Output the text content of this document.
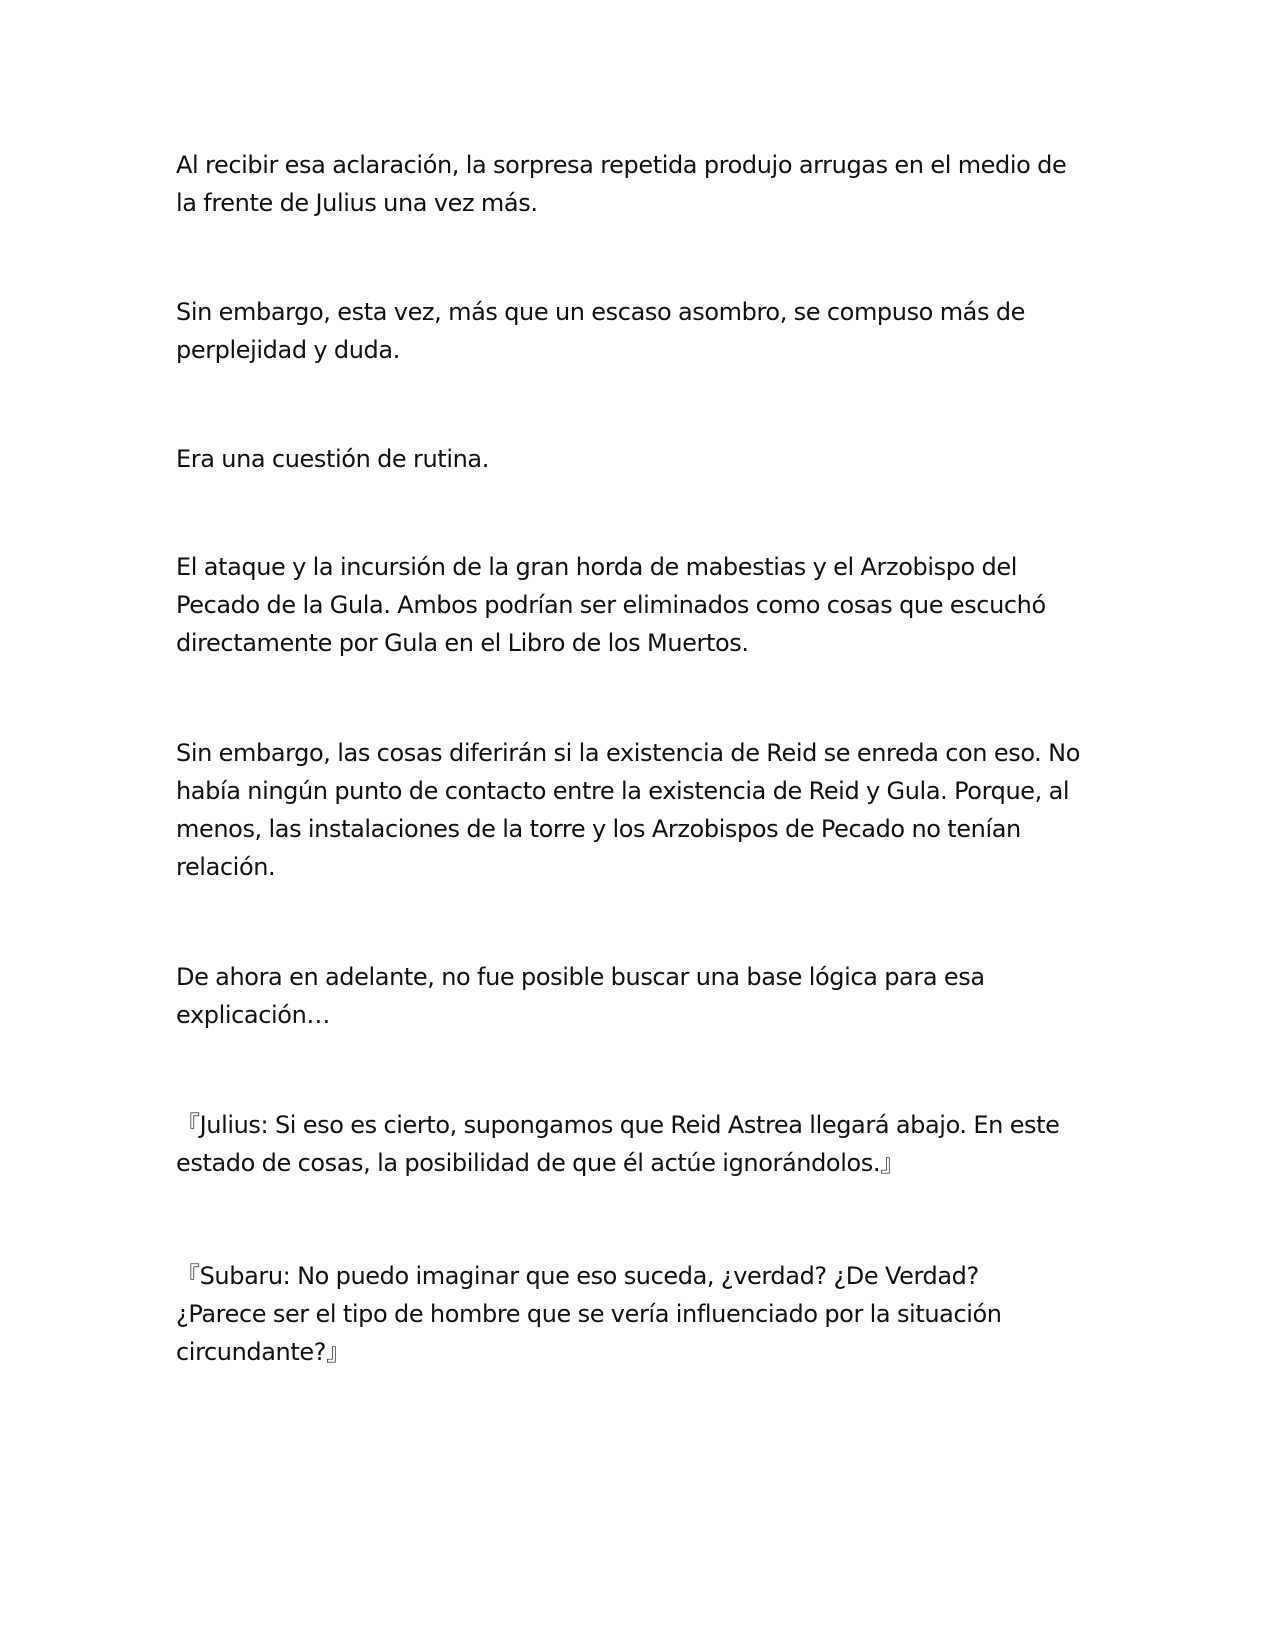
Al recibir esa aclaración, la sorpresa repetida produjo arrugas en el medio de
la frente de Julius una vez más.

Sin embargo, esta vez, más que un escaso asombro, se compuso más de
perplejidad y duda.

Era una cuestión de rutina.

El ataque y la incursión de la gran horda de mabestias y el Arzobispo del
Pecado de la Gula. Ambos podrían ser eliminados como cosas que escuchó
directamente por Gula en el Libro de los Muertos.

Sin embargo, las cosas diferirán si la existencia de Reid se enreda con eso. No
había ningún punto de contacto entre la existencia de Reid y Gula. Porque, al
menos, las instalaciones de la torre y los Arzobispos de Pecado no tenían
relación.

De ahora en adelante, no fue posible buscar una base lógica para esa
explicación…

『Julius: Si eso es cierto, supongamos que Reid Astrea llegará abajo. En este
estado de cosas, la posibilidad de que él actúe ignorándolos.』

『Subaru: No puedo imaginar que eso suceda, ¿verdad? ¿De Verdad?
¿Parece ser el tipo de hombre que se vería influenciado por la situación
circundante?』
